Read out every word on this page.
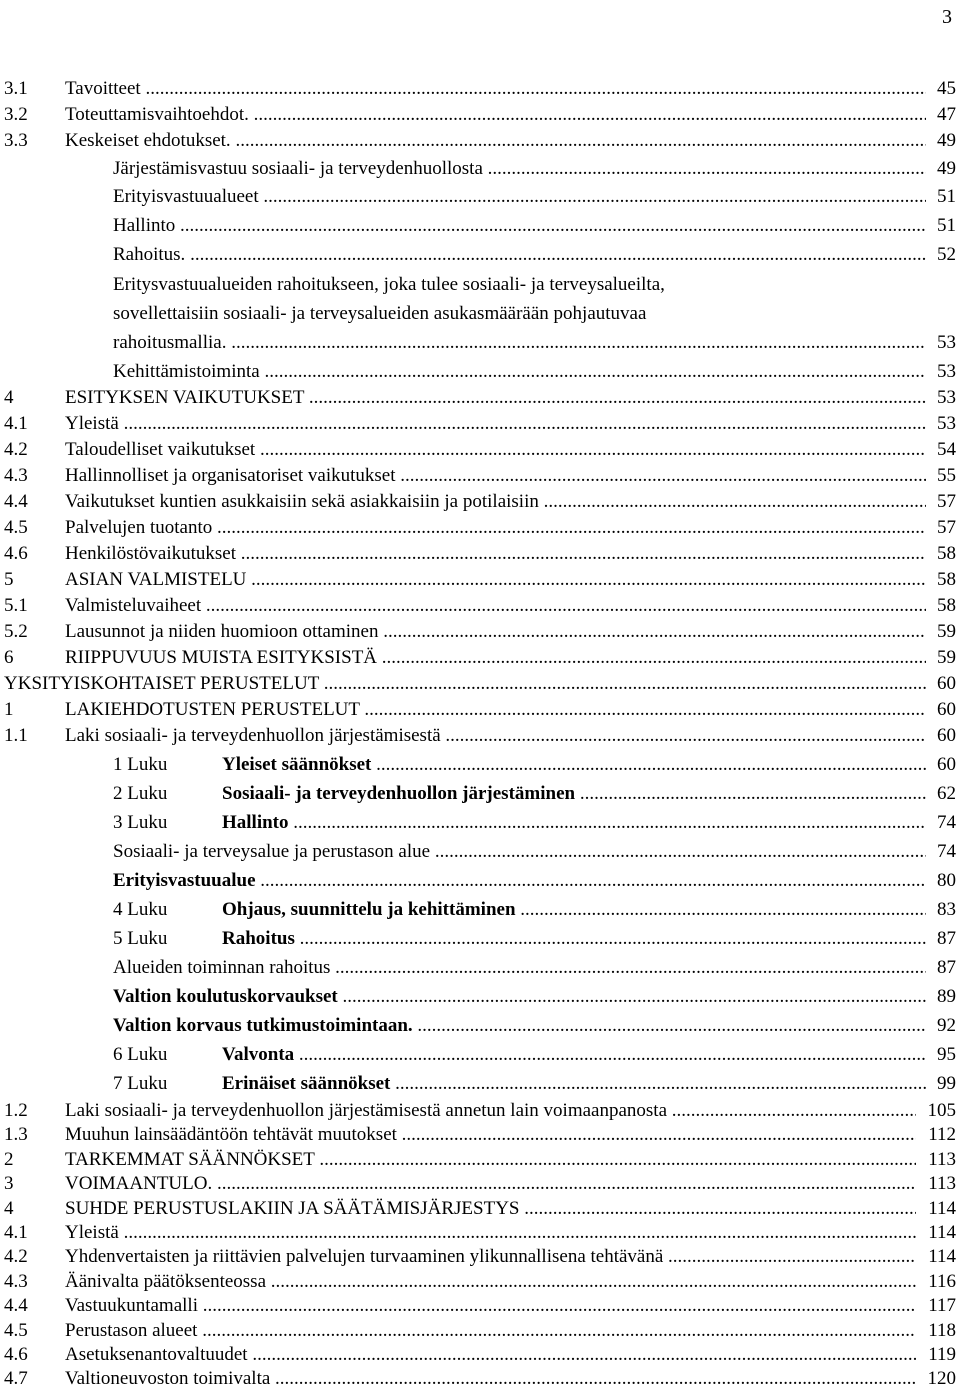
3
3.1 Tavoitteet .....	45
3.2 Toteuttamisvaihtoehdot. .....	47
3.3 Keskeiset ehdotukset. .....	49
Järjestämisvastuu sosiaali- ja terveydenhuollosta .....	49
Erityisvastuualueet .....	51
Hallinto .....	51
Rahoitus. .....	52
Eritysvastuualueiden rahoitukseen, joka tulee sosiaali- ja terveysalueilta,
sovellettaisiin sosiaali- ja terveysalueiden asukasmäärään pohjautuvaa
rahoitusmallia. .....	53
Kehittämistoiminta .....	53
4	ESITYKSEN VAIKUTUKSET .....	53
4.1 Yleistä .....	53
4.2 Taloudelliset vaikutukset .....	54
4.3 Hallinnolliset ja organisatoriset vaikutukset .....	55
4.4 Vaikutukset kuntien asukkaisiin sekä asiakkaisiin ja potilaisiin .....	57
4.5 Palvelujen tuotanto .....	57
4.6 Henkilöstövaikutukset .....	58
5	ASIAN VALMISTELU .....	58
5.1 Valmisteluvaiheet .....	58
5.2 Lausunnot ja niiden huomioon ottaminen .....	59
6	RIIPPUVUUS MUISTA ESITYKSISTÄ .....	59
YKSITYISKOHTAISET PERUSTELUT .....	60
1	LAKIEHDOTUSTEN PERUSTELUT .....	60
1.1 Laki sosiaali- ja terveydenhuollon järjestämisestä .....	60
1 Luku	Yleiset säännökset .....	60
2 Luku	Sosiaali- ja terveydenhuollon järjestäminen .....	62
3 Luku	Hallinto .....	74
Sosiaali- ja terveysalue ja perustason alue .....	74
Erityisvastuualue .....	80
4 Luku	Ohjaus, suunnittelu ja kehittäminen .....	83
5 Luku	Rahoitus .....	87
Alueiden toiminnan rahoitus .....	87
Valtion koulutuskorvaukset .....	89
Valtion korvaus tutkimustoimintaan. .....	92
6 Luku	Valvonta .....	95
7 Luku	Erinäiset säännökset .....	99
1.2 Laki sosiaali- ja terveydenhuollon järjestämisestä annetun lain voimaanpanosta .....	105
1.3 Muuhun lainsäädäntöön tehtävät muutokset .....	112
2	TARKEMMAT SÄÄNNÖKSET .....	113
3	VOIMAANTULO. .....	113
4	SUHDE PERUSTUSLAKIIN JA SÄÄTÄMISJÄRJESTYS .....	114
4.1 Yleistä .....	114
4.2 Yhdenvertaisten ja riittävien palvelujen turvaaminen ylikunnallisena tehtävänä .....	114
4.3 Äänivalta päätöksenteossa .....	116
4.4 Vastuukuntamalli .....	117
4.5 Perustason alueet .....	118
4.6 Asetuksenantovaltuudet .....	119
4.7 Valtioneuvoston toimivalta .....	120
